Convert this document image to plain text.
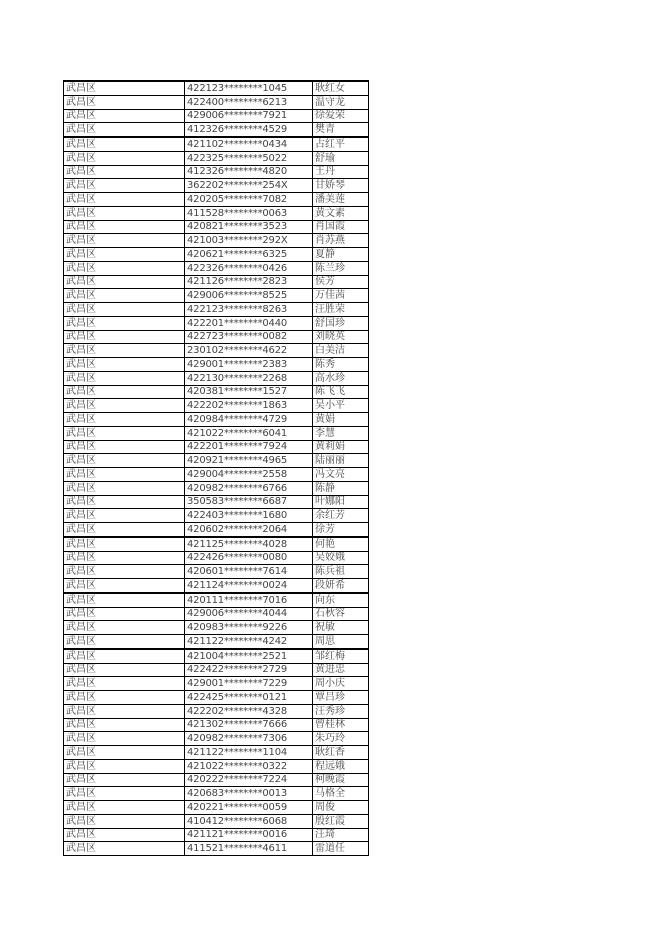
武昌区	422123********1045	耿红女
武昌区	422400********6213	温守龙
武昌区	429006********7921	徐爱荣
武昌区	412326********4529	樊青
武昌区	421102********0434	占红平
武昌区	422325********5022	舒瑜
武昌区	412326********4820	王丹
武昌区	362202********254X	甘娇琴
武昌区	420205********7082	潘美莲
武昌区	411528********0063	黄文素
武昌区	420821********3523	肖国霞
武昌区	421003********292X	肖苏燕
武昌区	420621********6325	夏静
武昌区	422326********0426	陈兰珍
武昌区	421126********2823	侯芳
武昌区	429006********8525	万佳茜
武昌区	422123********8263	汪胜荣
武昌区	422201********0440	舒国珍
武昌区	422723********0082	刘晓英
武昌区	230102********4622	白美洁
武昌区	429001********2383	陈秀
武昌区	422130********2268	高水珍
武昌区	420381********1527	陈飞飞
武昌区	422202********1863	吴小平
武昌区	420984********4729	黄娟
武昌区	421022********6041	李慧
武昌区	422201********7924	黄莉娟
武昌区	420921********4965	陆丽丽
武昌区	429004********2558	冯文亮
武昌区	420982********6766	陈静
武昌区	350583********6687	叶娜阳
武昌区	422403********1680	余红芳
武昌区	420602********2064	徐芳
武昌区	421125********4028	何艳
武昌区	422426********0080	吴姣娥
武昌区	420601********7614	陈兵祖
武昌区	421124********0024	段妍希
武昌区	420111********7016	向东
武昌区	429006********4044	石秋容
武昌区	420983********9226	祝敏
武昌区	421122********4242	周思
武昌区	421004********2521	邹红梅
武昌区	422422********2729	黄进忠
武昌区	429001********7229	周小庆
武昌区	422425********0121	覃吕珍
武昌区	422202********4328	汪秀珍
武昌区	421302********7666	曾桂林
武昌区	420982********7306	朱巧玲
武昌区	421122********1104	耿红香
武昌区	421022********0322	程远娥
武昌区	420222********7224	柯晚霞
武昌区	420683********0013	马格全
武昌区	420221********0059	周俊
武昌区	410412********6068	殷红霞
武昌区	421121********0016	汪琦
武昌区	411521********4611	雷道任
